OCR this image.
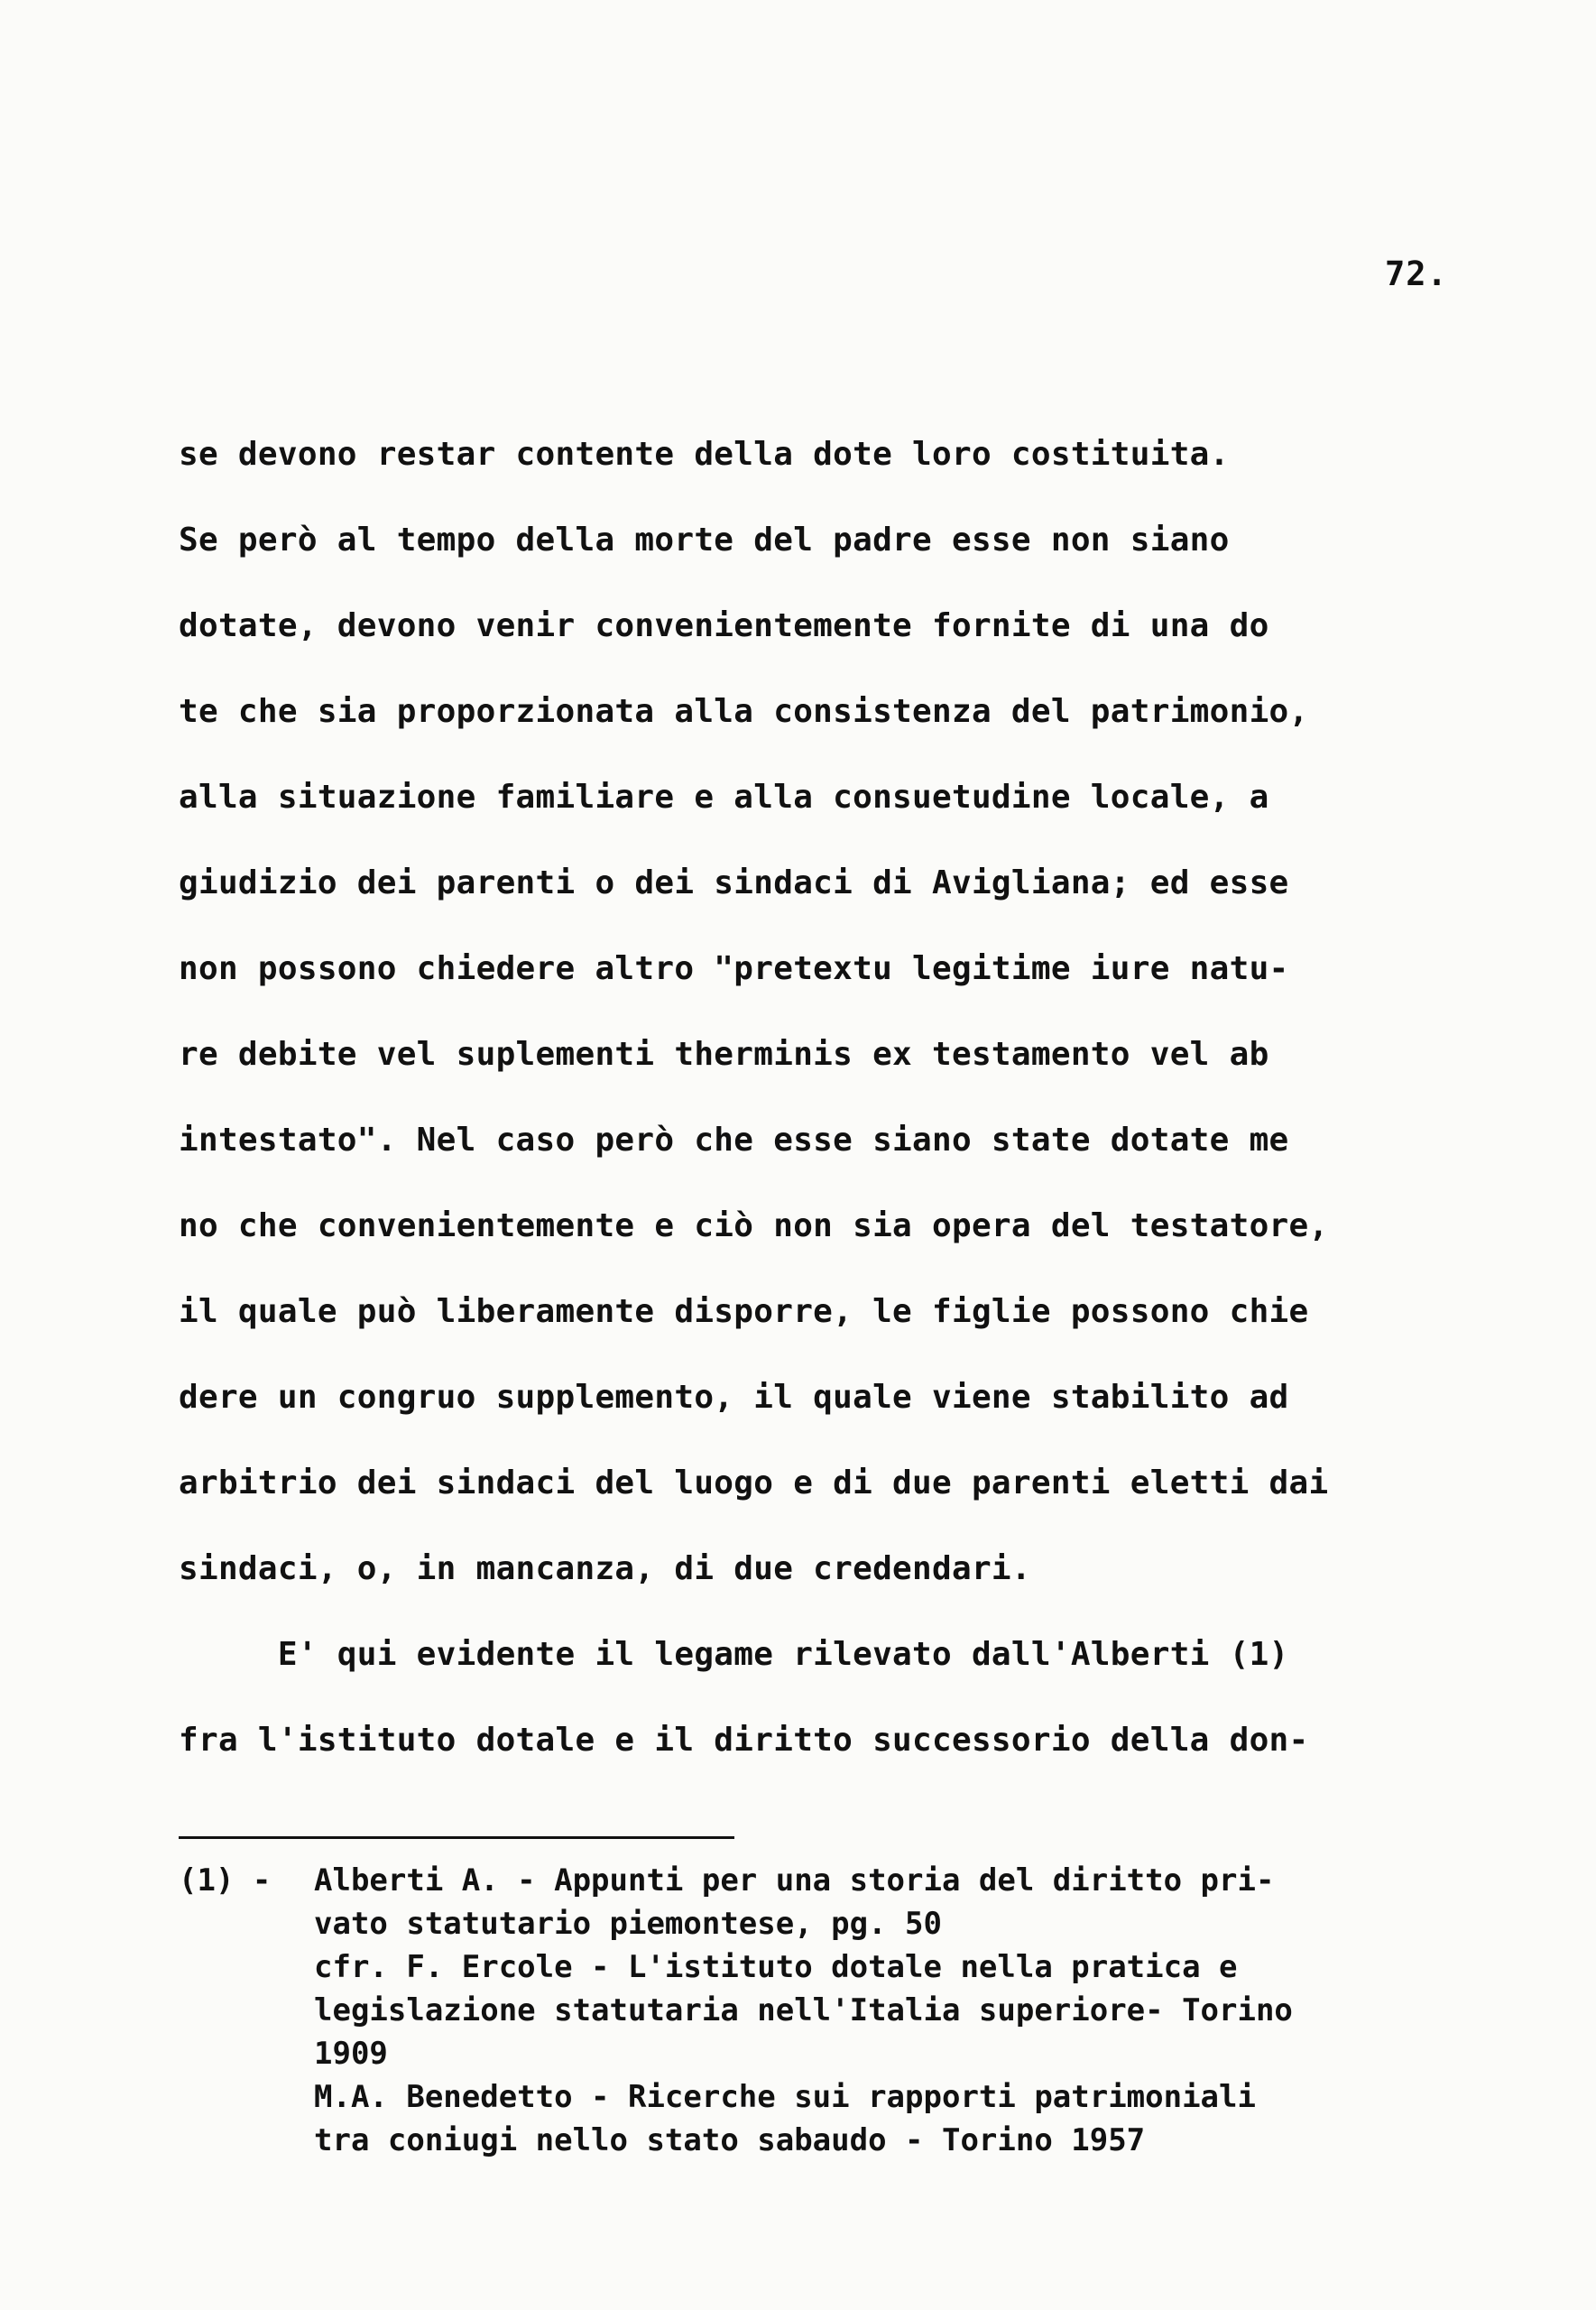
72.
se devono restar contente della dote loro costituita.
Se però al tempo della morte del padre esse non siano
dotate, devono venir convenientemente fornite di una do
te che sia proporzionata alla consistenza del patrimonio,
alla situazione familiare e alla consuetudine locale, a
giudizio dei parenti o dei sindaci di Avigliana; ed esse
non possono chiedere altro "pretextu legitime iure natu-
re debite vel suplementi therminis ex testamento vel ab
intestato". Nel caso però che esse siano state dotate me
no che convenientemente e ciò non sia opera del testatore,
il quale può liberamente disporre, le figlie possono chie
dere un congruo supplemento, il quale viene stabilito ad
arbitrio dei sindaci del luogo e di due parenti eletti dai
sindaci, o, in mancanza, di due credendari.
E' qui evidente il legame rilevato dall'Alberti (1)
fra l'istituto dotale e il diritto successorio della don-
(1) - Alberti A. - Appunti per una storia del diritto pri-
vato statutario piemontese, pg. 50
cfr. F. Ercole - L'istituto dotale nella pratica e
legislazione statutaria nell'Italia superiore- Torino
1909
M.A. Benedetto - Ricerche sui rapporti patrimoniali
tra coniugi nello stato sabaudo - Torino 1957
